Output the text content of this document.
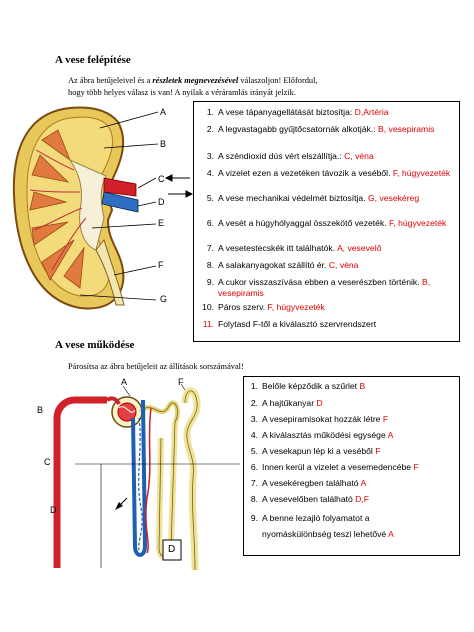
A vese felépítése
Az ábra betűjeleivel és a részletek megnevezésével válaszoljon! Előfordul,
hogy több helyes válasz is van! A nyilak a véráramlás irányát jelzik.
A
B
C
D
E
F
G
1. A vese tápanyagellátását biztosítja: D,Artéria
2. A legvastagabb gyűjtőcsatornák alkotják.: B, vesepiramis
3. A széndioxid dús vért elszállítja.: C, véna
4. A vizelet ezen a vezetéken távozik a veséből. F, húgyvezeték
5. A vese mechanikai védelmét biztosítja. G, vesekéreg
6. A vesét a húgyhólyaggal összekötő vezeték. F, húgyvezeték
7. A vesetestecskék itt találhatók. A, vesevelő
8. A salakanyagokat szállító ér. C, véna
9. A cukor visszaszívása ebben a veserészben történik. B, vesepiramis
10. Páros szerv. F, húgyvezeték
11. Folytasd F-től a kiválasztó szervrendszert
A vese működése
Párosítsa az ábra betűjeleit az állítások sorszámával!
A	F
B
C
D
D
1. Belőle képződik a szűrlet B
2. A hajtűkanyar D
3. A vesepiramisokat hozzák létre F
4. A kiválasztás működési egysége A
5. A vesekapun lép ki a veséből F
6. Innen kerül a vizelet a vesemedencébe F
7. A vesekéregben található A
8. A vesevelőben található D,F
9. A benne lezajló folyamatot a nyomáskülönbség teszi lehetővé A
